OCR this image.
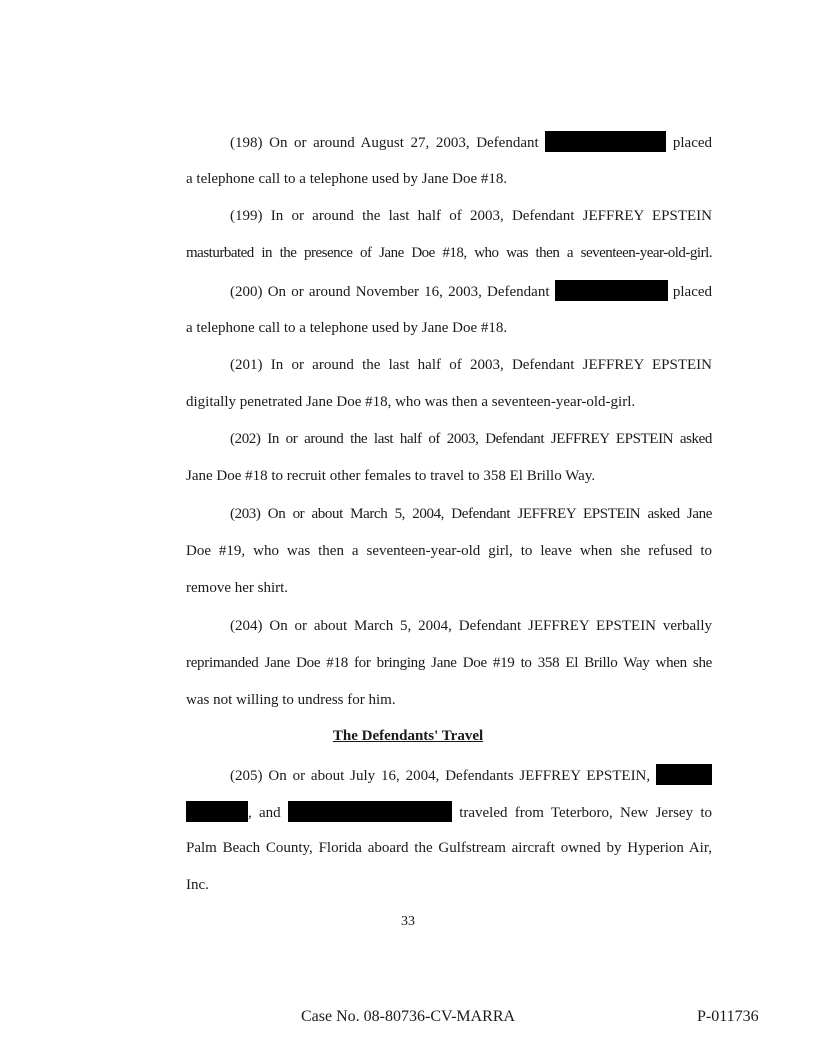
(198) On or around August 27, 2003, Defendant	placed
a telephone call to a telephone used by Jane Doe #18.
(199) In or around the last half of 2003, Defendant JEFFREY EPSTEIN
masturbated in the presence of Jane Doe #18, who was then a seventeen-year-old-girl.
(200) On or around November 16, 2003, Defendant	placed
a telephone call to a telephone used by Jane Doe #18.
(201) In or around the last half of 2003, Defendant JEFFREY EPSTEIN
digitally penetrated Jane Doe #18, who was then a seventeen-year-old-girl.
(202) In or around the last half of 2003, Defendant JEFFREY EPSTEIN asked
Jane Doe #18 to recruit other females to travel to 358 El Brillo Way.
(203) On or about March 5, 2004, Defendant JEFFREY EPSTEIN asked Jane
Doe #19, who was then a seventeen-year-old girl, to leave when she refused to
remove her shirt.
(204) On or about March 5, 2004, Defendant JEFFREY EPSTEIN verbally
reprimanded Jane Doe #18 for bringing Jane Doe #19 to 358 El Brillo Way when she
was not willing to undress for him.
The Defendants' Travel
(205) On or about July 16, 2004, Defendants JEFFREY EPSTEIN,
, and	traveled from Teterboro, New Jersey to
Palm Beach County, Florida aboard the Gulfstream aircraft owned by Hyperion Air,
Inc.
33
Case No. 08-80736-CV-MARRA	P-011736
